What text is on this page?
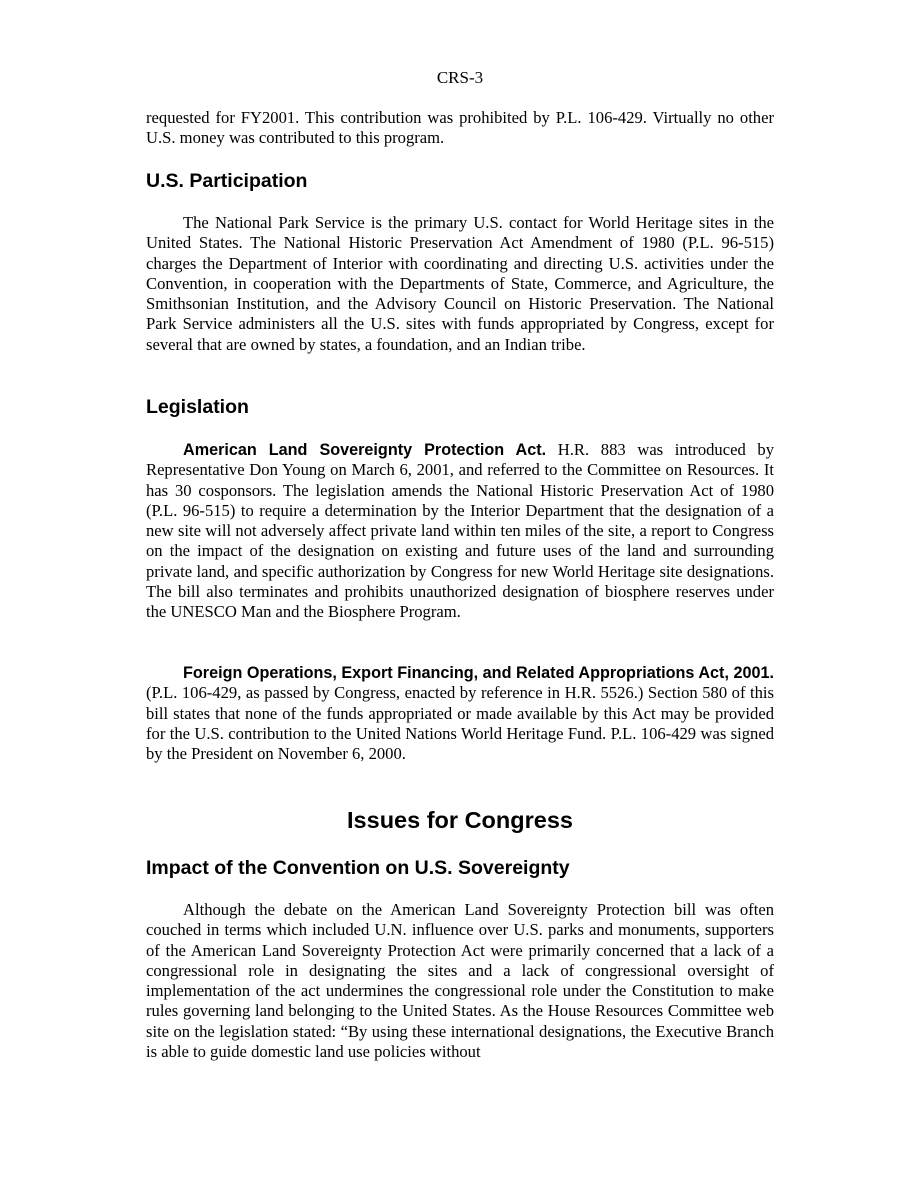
CRS-3

requested for FY2001. This contribution was prohibited by P.L. 106-429. Virtually no other U.S. money was contributed to this program.

U.S. Participation

The National Park Service is the primary U.S. contact for World Heritage sites in the United States. The National Historic Preservation Act Amendment of 1980 (P.L. 96-515) charges the Department of Interior with coordinating and directing U.S. activities under the Convention, in cooperation with the Departments of State, Commerce, and Agriculture, the Smithsonian Institution, and the Advisory Council on Historic Preservation. The National Park Service administers all the U.S. sites with funds appropriated by Congress, except for several that are owned by states, a foundation, and an Indian tribe.

Legislation

American Land Sovereignty Protection Act. H.R. 883 was introduced by Representative Don Young on March 6, 2001, and referred to the Committee on Resources. It has 30 cosponsors. The legislation amends the National Historic Preservation Act of 1980 (P.L. 96-515) to require a determination by the Interior Department that the designation of a new site will not adversely affect private land within ten miles of the site, a report to Congress on the impact of the designation on existing and future uses of the land and surrounding private land, and specific authorization by Congress for new World Heritage site designations. The bill also terminates and prohibits unauthorized designation of biosphere reserves under the UNESCO Man and the Biosphere Program.

Foreign Operations, Export Financing, and Related Appropriations Act, 2001. (P.L. 106-429, as passed by Congress, enacted by reference in H.R. 5526.) Section 580 of this bill states that none of the funds appropriated or made available by this Act may be provided for the U.S. contribution to the United Nations World Heritage Fund. P.L. 106-429 was signed by the President on November 6, 2000.

Issues for Congress
Impact of the Convention on U.S. Sovereignty

Although the debate on the American Land Sovereignty Protection bill was often couched in terms which included U.N. influence over U.S. parks and monuments, supporters of the American Land Sovereignty Protection Act were primarily concerned that a lack of a congressional role in designating the sites and a lack of congressional oversight of implementation of the act undermines the congressional role under the Constitution to make rules governing land belonging to the United States. As the House Resources Committee web site on the legislation stated: “By using these international designations, the Executive Branch is able to guide domestic land use policies without
